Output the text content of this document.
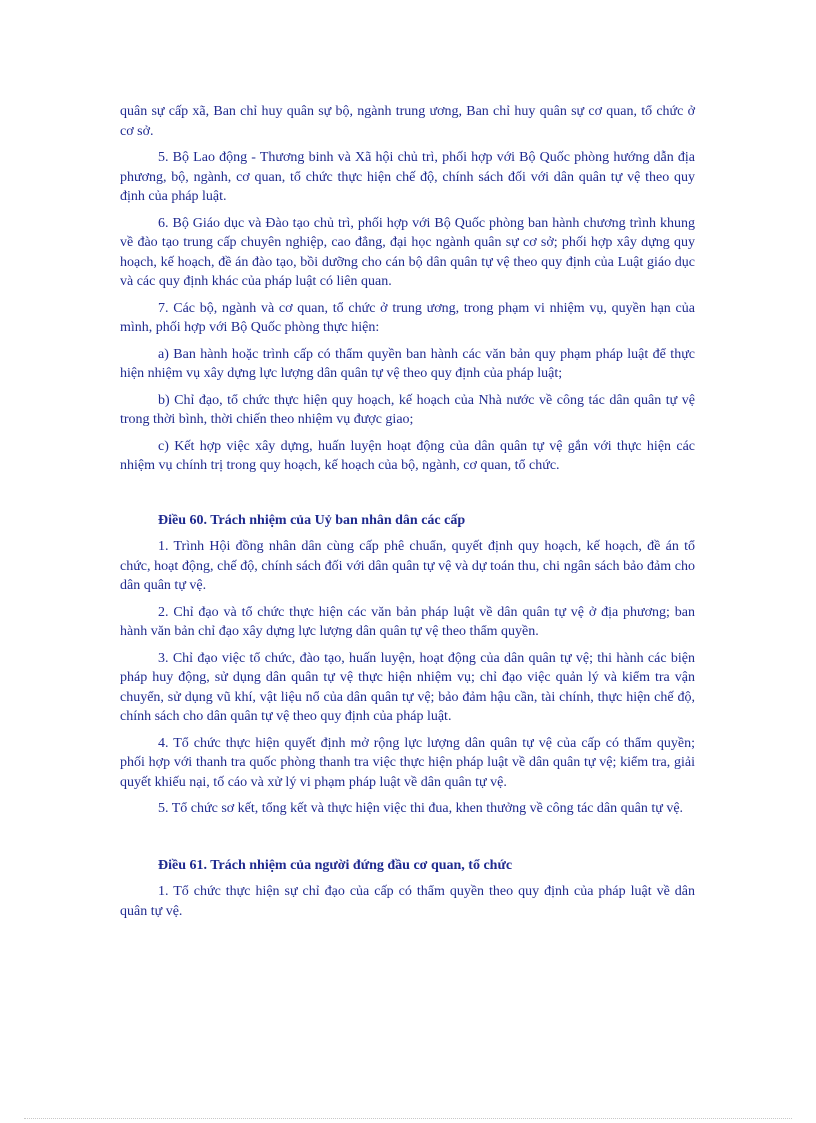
quân sự cấp xã, Ban chỉ huy quân sự bộ, ngành trung ương, Ban chỉ huy quân sự cơ quan, tổ chức ở cơ sở.

5. Bộ Lao động - Thương binh và Xã hội chủ trì, phối hợp với Bộ Quốc phòng hướng dẫn địa phương, bộ, ngành, cơ quan, tổ chức thực hiện chế độ, chính sách đối với dân quân tự vệ theo quy định của pháp luật.

6. Bộ Giáo dục và Đào tạo chủ trì, phối hợp với Bộ Quốc phòng ban hành chương trình khung về đào tạo trung cấp chuyên nghiệp, cao đẳng, đại học ngành quân sự cơ sở; phối hợp xây dựng quy hoạch, kế hoạch, đề án đào tạo, bồi dưỡng cho cán bộ dân quân tự vệ theo quy định của Luật giáo dục và các quy định khác của pháp luật có liên quan.

7. Các bộ, ngành và cơ quan, tổ chức ở trung ương, trong phạm vi nhiệm vụ, quyền hạn của mình, phối hợp với Bộ Quốc phòng thực hiện:

a) Ban hành hoặc trình cấp có thẩm quyền ban hành các văn bản quy phạm pháp luật để thực hiện nhiệm vụ xây dựng lực lượng dân quân tự vệ theo quy định của pháp luật;

b) Chỉ đạo, tổ chức thực hiện quy hoạch, kế hoạch của Nhà nước về công tác dân quân tự vệ trong thời bình, thời chiến theo nhiệm vụ được giao;

c) Kết hợp việc xây dựng, huấn luyện hoạt động của dân quân tự vệ gắn với thực hiện các nhiệm vụ chính trị trong quy hoạch, kế hoạch của bộ, ngành, cơ quan, tổ chức.

Điều 60. Trách nhiệm của Uỷ ban nhân dân các cấp

1. Trình Hội đồng nhân dân cùng cấp phê chuẩn, quyết định quy hoạch, kế hoạch, đề án tổ chức, hoạt động, chế độ, chính sách đối với dân quân tự vệ và dự toán thu, chi ngân sách bảo đảm cho dân quân tự vệ.

2. Chỉ đạo và tổ chức thực hiện các văn bản pháp luật về dân quân tự vệ ở địa phương; ban hành văn bản chỉ đạo xây dựng lực lượng dân quân tự vệ theo thẩm quyền.

3. Chỉ đạo việc tổ chức, đào tạo, huấn luyện, hoạt động của dân quân tự vệ; thi hành các biện pháp huy động, sử dụng dân quân tự vệ thực hiện nhiệm vụ; chỉ đạo việc quản lý và kiểm tra vận chuyển, sử dụng vũ khí, vật liệu nổ của dân quân tự vệ; bảo đảm hậu cần, tài chính, thực hiện chế độ, chính sách cho dân quân tự vệ theo quy định của pháp luật.

4. Tổ chức thực hiện quyết định mở rộng lực lượng dân quân tự vệ của cấp có thẩm quyền; phối hợp với thanh tra quốc phòng thanh tra việc thực hiện pháp luật về dân quân tự vệ; kiểm tra, giải quyết khiếu nại, tố cáo và xử lý vi phạm pháp luật về dân quân tự vệ.

5. Tổ chức sơ kết, tổng kết và thực hiện việc thi đua, khen thưởng về công tác dân quân tự vệ.

Điều 61. Trách nhiệm của người đứng đầu cơ quan, tổ chức

1. Tổ chức thực hiện sự chỉ đạo của cấp có thẩm quyền theo quy định của pháp luật về dân quân tự vệ.
